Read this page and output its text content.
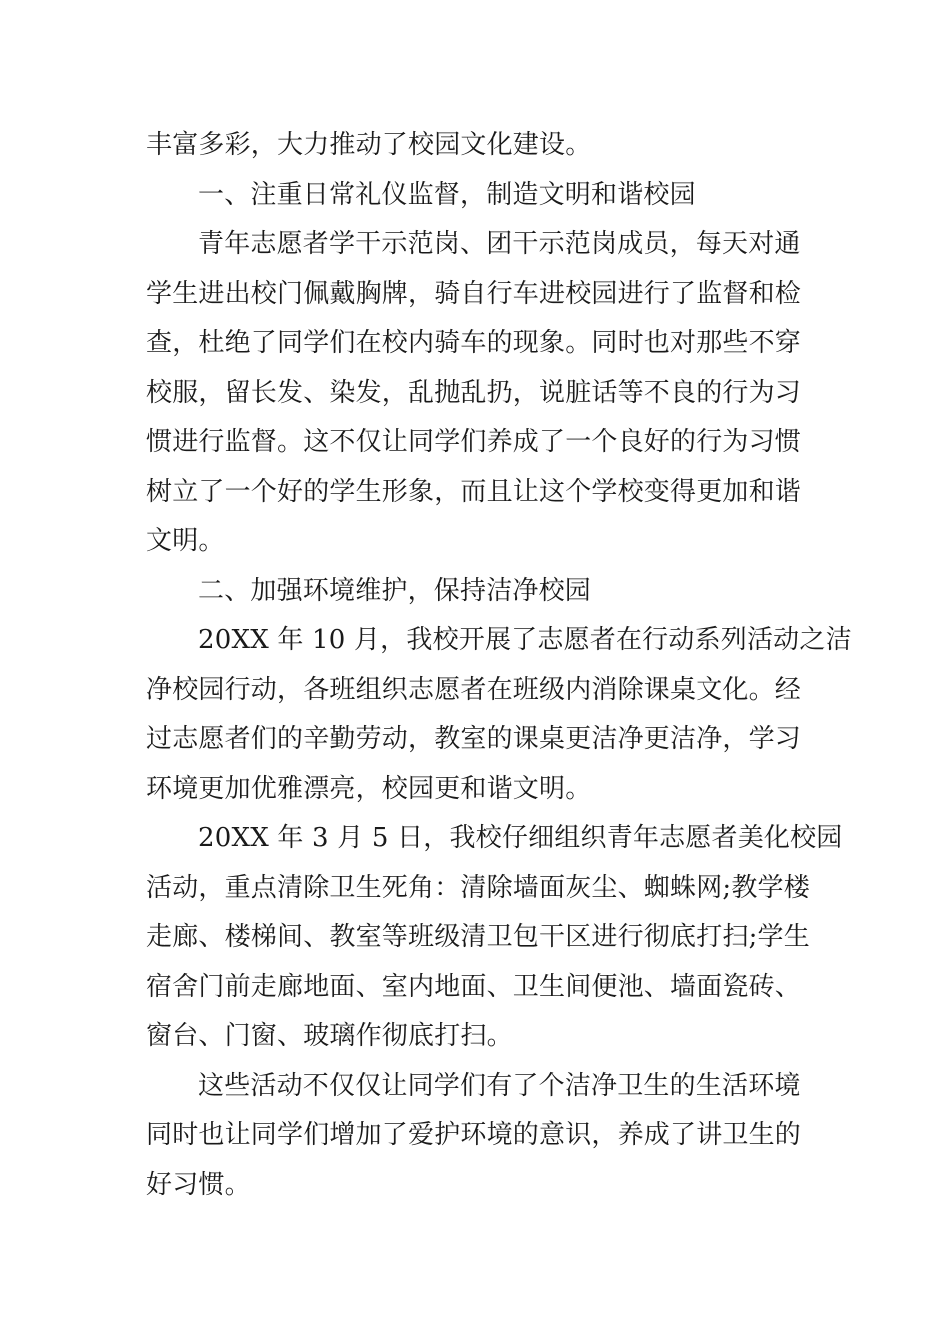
丰富多彩，大力推动了校园文化建设。
一、注重日常礼仪监督，制造文明和谐校园
青年志愿者学干示范岗、团干示范岗成员，每天对通
学生进出校门佩戴胸牌，骑自行车进校园进行了监督和检
查，杜绝了同学们在校内骑车的现象。同时也对那些不穿
校服，留长发、染发，乱抛乱扔，说脏话等不良的行为习
惯进行监督。这不仅让同学们养成了一个良好的行为习惯
树立了一个好的学生形象，而且让这个学校变得更加和谐
文明。
二、加强环境维护，保持洁净校园
20XX 年 10 月，我校开展了志愿者在行动系列活动之洁
净校园行动，各班组织志愿者在班级内消除课桌文化。经
过志愿者们的辛勤劳动，教室的课桌更洁净更洁净，学习
环境更加优雅漂亮，校园更和谐文明。
20XX 年 3 月 5 日，我校仔细组织青年志愿者美化校园
活动，重点清除卫生死角：清除墙面灰尘、蜘蛛网;教学楼
走廊、楼梯间、教室等班级清卫包干区进行彻底打扫;学生
宿舍门前走廊地面、室内地面、卫生间便池、墙面瓷砖、
窗台、门窗、玻璃作彻底打扫。
这些活动不仅仅让同学们有了个洁净卫生的生活环境
同时也让同学们增加了爱护环境的意识，养成了讲卫生的
好习惯。
